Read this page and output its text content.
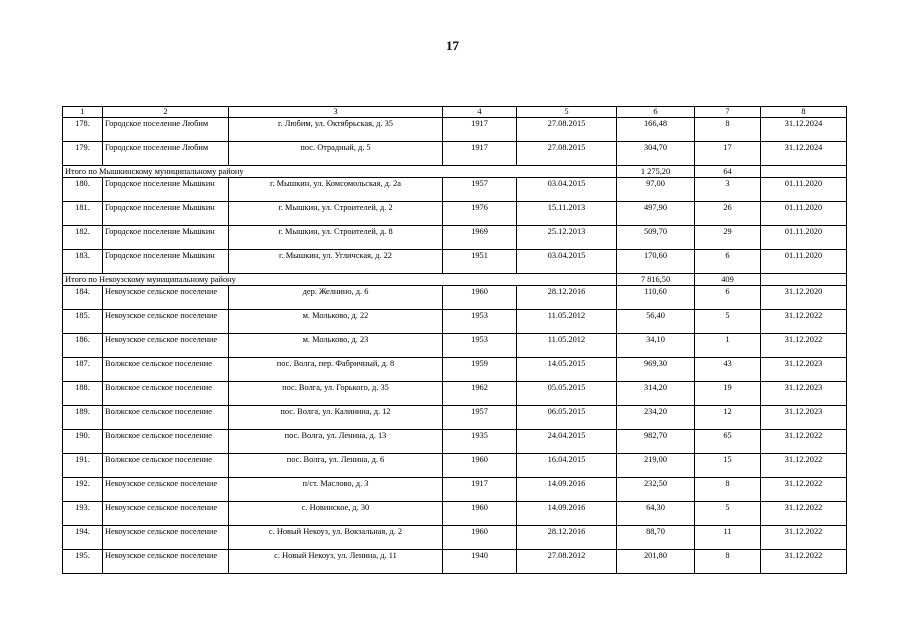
17
1	2	3	4	5	6	7	8
178.	Городское поселение Любим	г. Любим, ул. Октябрьская, д. 35	1917	27.08.2015	166,48	8	31.12.2024
179.	Городское поселение Любим	пос. Отрадный, д. 5	1917	27.08.2015	304,70	17	31.12.2024
Итого по Мышкинскому муниципальному району					1 275,20	64	
180.	Городское поселение Мышкин	г. Мышкин, ул. Комсомольская, д. 2а	1957	03.04.2015	97,00	3	01.11.2020
181.	Городское поселение Мышкин	г. Мышкин, ул. Строителей, д. 2	1976	15.11.2013	497,90	26	01.11.2020
182.	Городское поселение Мышкин	г. Мышкин, ул. Строителей, д. 8	1969	25.12.2013	509,70	29	01.11.2020
183.	Городское поселение Мышкин	г. Мышкин, ул. Угличская, д. 22	1951	03.04.2015	170,60	6	01.11.2020
Итого по Некоузскому муниципальному району					7 816,50	409	
184.	Некоузское сельское поселение	дер. Желнино, д. 6	1960	28.12.2016	110,60	6	31.12.2020
185.	Некоузское сельское поселение	м. Мольково, д. 22	1953	11.05.2012	56,40	5	31.12.2022
186.	Некоузское сельское поселение	м. Мольково, д. 23	1953	11.05.2012	34,10	1	31.12.2022
187.	Волжское сельское поселение	пос. Волга, пер. Фабричный, д. 8	1959	14.05.2015	969,30	43	31.12.2023
188.	Волжское сельское поселение	пос. Волга, ул. Горького, д. 35	1962	05.05.2015	314,20	19	31.12.2023
189.	Волжское сельское поселение	пос. Волга, ул. Калинина, д. 12	1957	06.05.2015	234,20	12	31.12.2023
190.	Волжское сельское поселение	пос. Волга, ул. Ленина, д. 13	1935	24.04.2015	982,70	65	31.12.2022
191.	Волжское сельское поселение	пос. Волга, ул. Ленина, д. 6	1960	16.04.2015	219,00	15	31.12.2022
192.	Некоузское сельское поселение	п/ст. Маслово, д. 3	1917	14.09.2016	232,50	8	31.12.2022
193.	Некоузское сельское поселение	с. Новинское, д. 30	1960	14.09.2016	64,30	5	31.12.2022
194.	Некоузское сельское поселение	с. Новый Некоуз, ул. Вокзальная, д. 2	1960	28.12.2016	88,70	11	31.12.2022
195.	Некоузское сельское поселение	с. Новый Некоуз, ул. Ленина, д. 11	1940	27.08.2012	201,80	8	31.12.2022
